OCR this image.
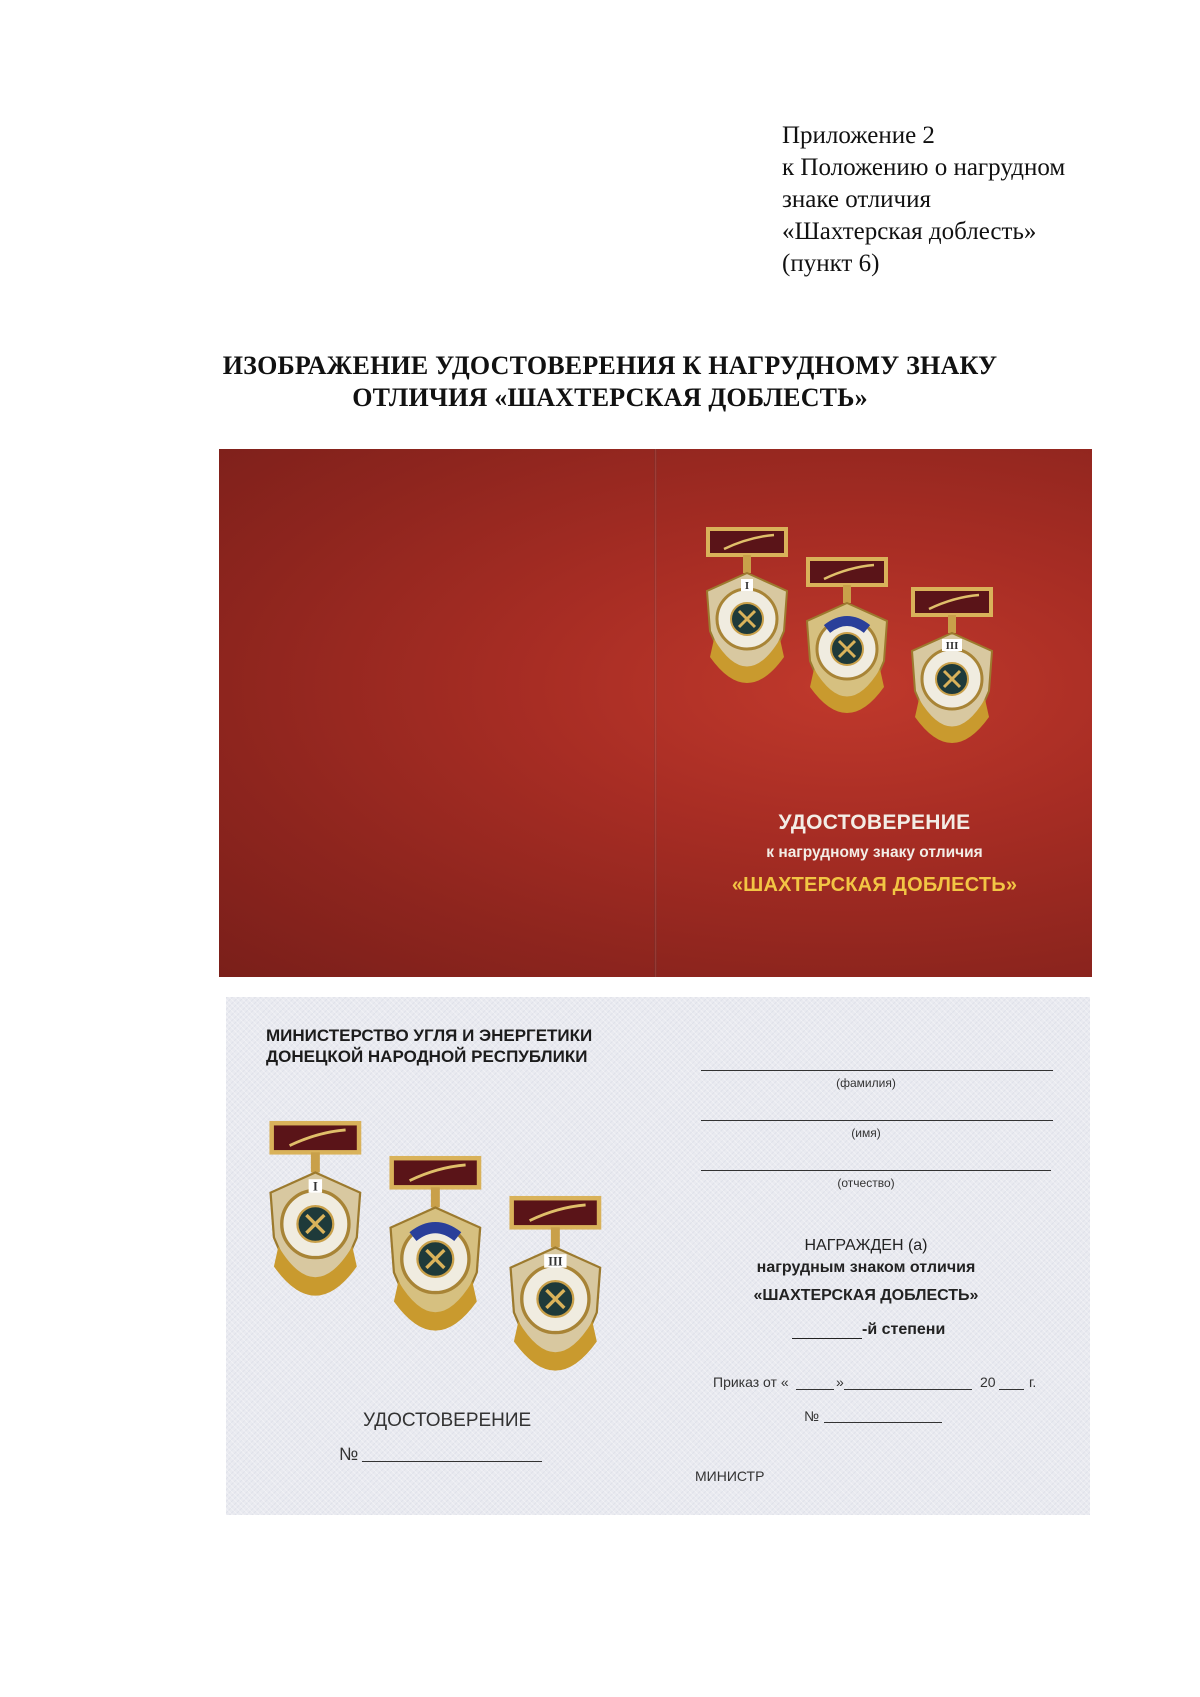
Приложение 2
к Положению о нагрудном
знаке отличия
«Шахтерская доблесть»
(пункт 6)
ИЗОБРАЖЕНИЕ УДОСТОВЕРЕНИЯ К НАГРУДНОМУ ЗНАКУ
ОТЛИЧИЯ «ШАХТЕРСКАЯ ДОБЛЕСТЬ»
I
III
УДОСТОВЕРЕНИЕ
к нагрудному знаку отличия
«ШАХТЕРСКАЯ ДОБЛЕСТЬ»
МИНИСТЕРСТВО УГЛЯ И ЭНЕРГЕТИКИ
ДОНЕЦКОЙ НАРОДНОЙ РЕСПУБЛИКИ
I
III
УДОСТОВЕРЕНИЕ
№
(фамилия)
(имя)
(отчество)
НАГРАЖДЕН (а)
нагрудным знаком отличия
«ШАХТЕРСКАЯ ДОБЛЕСТЬ»
-й степени
Приказ от «	»	20 г.
№
МИНИСТР
